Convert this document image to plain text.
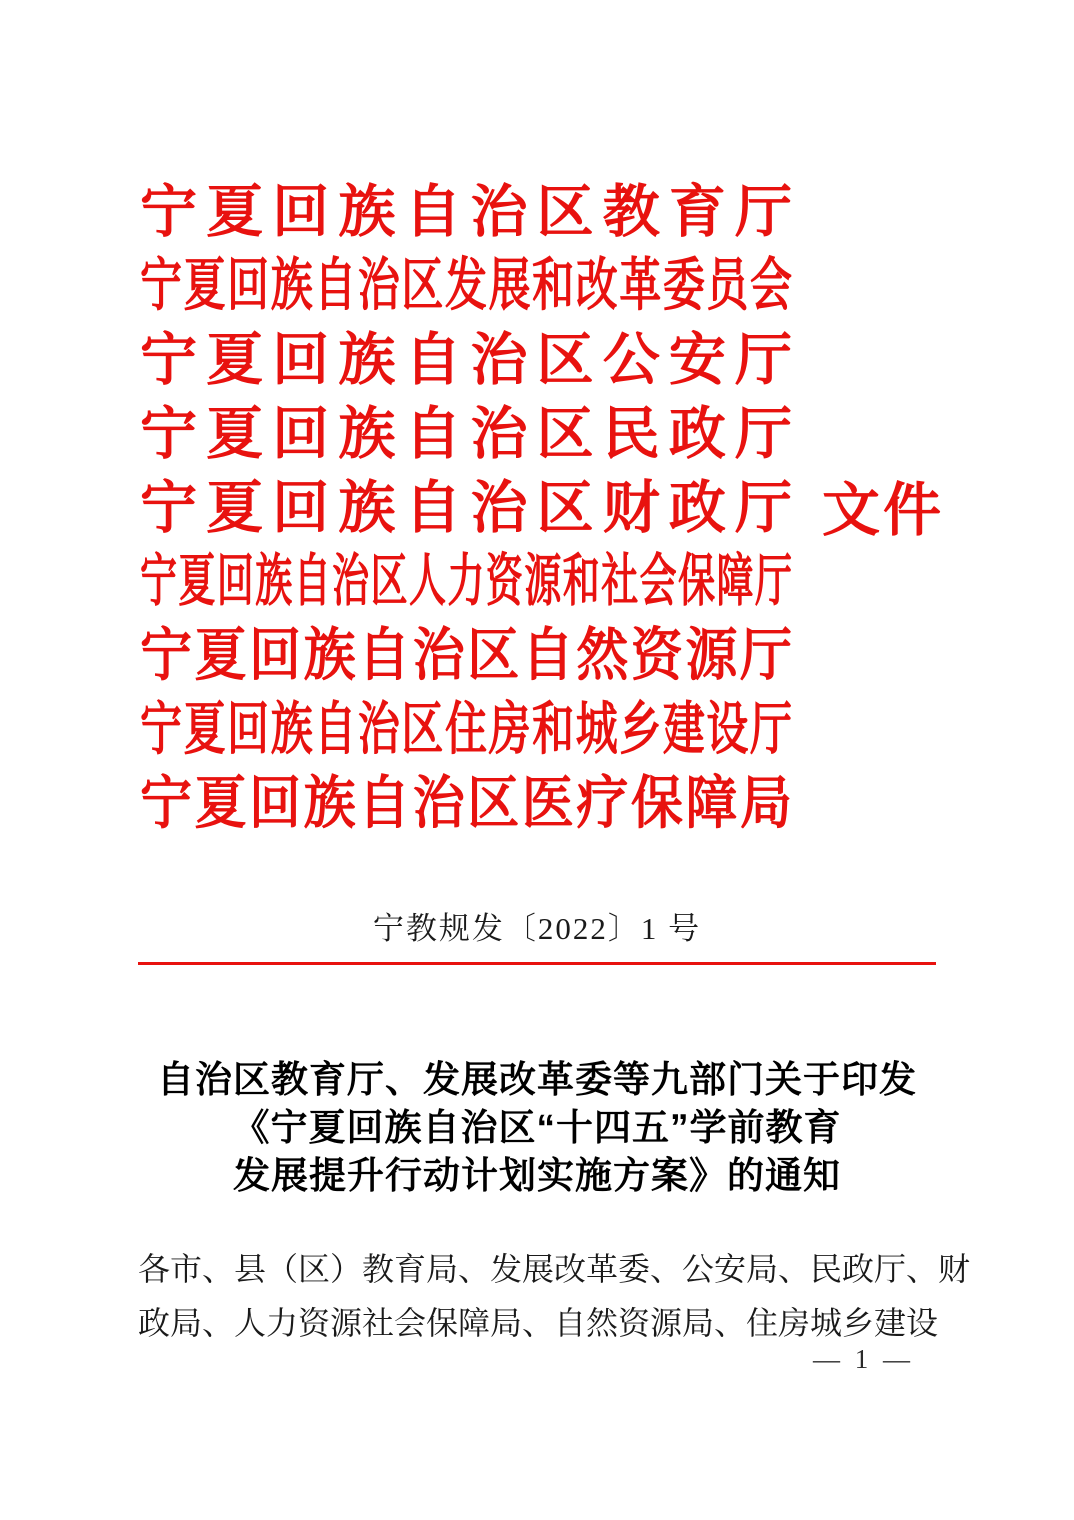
宁夏回族自治区教育厅
宁夏回族自治区发展和改革委员会
宁夏回族自治区公安厅
宁夏回族自治区民政厅
宁夏回族自治区财政厅
宁夏回族自治区人力资源和社会保障厅
宁夏回族自治区自然资源厅
宁夏回族自治区住房和城乡建设厅
宁夏回族自治区医疗保障局
文件
宁教规发〔2022〕1 号
自治区教育厅、发展改革委等九部门关于印发
《宁夏回族自治区“十四五”学前教育
发展提升行动计划实施方案》的通知
各市、县（区）教育局、发展改革委、公安局、民政厅、财
政局、人力资源社会保障局、自然资源局、住房城乡建设
— 1 —
